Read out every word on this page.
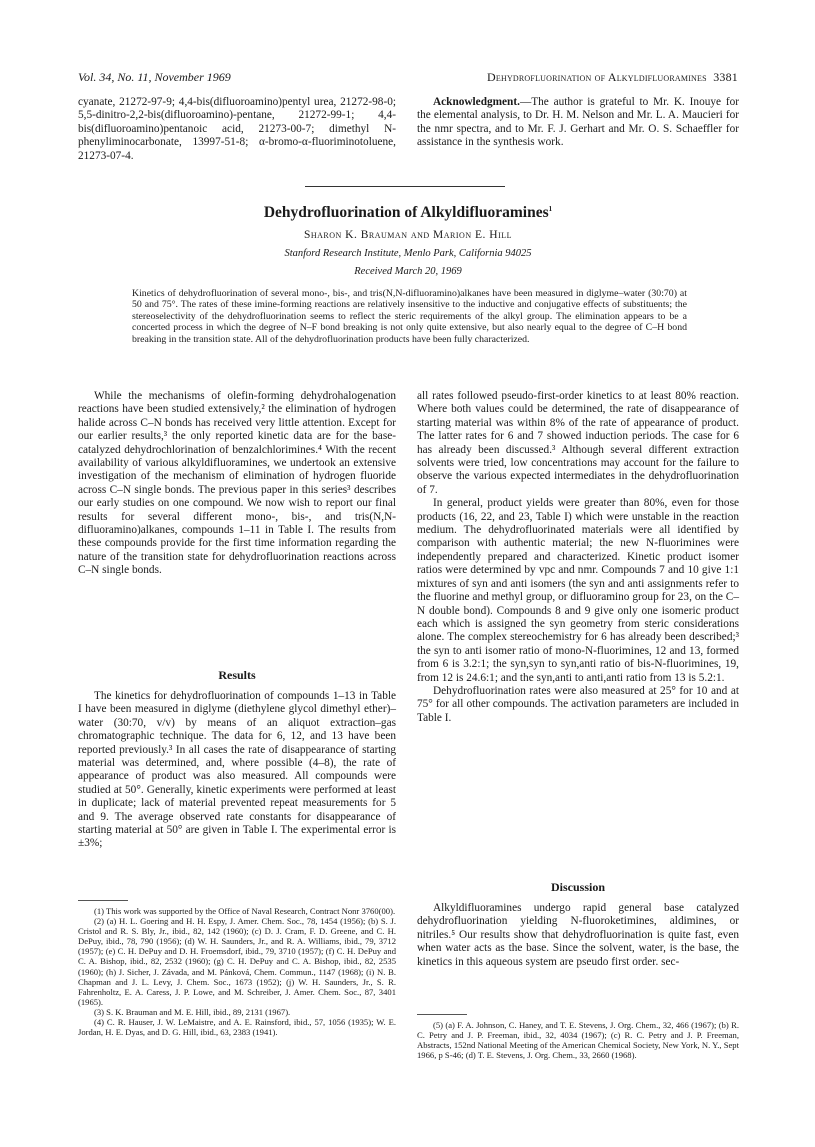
Vol. 34, No. 11, November 1969	Dehydrofluorination of Alkyldifluoramines 3381

cyanate, 21272-97-9; 4,4-bis(difluoroamino)pentyl urea, 21272-98-0; 5,5-dinitro-2,2-bis(difluoroamino)-pentane, 21272-99-1; 4,4-bis(difluoroamino)pentanoic acid, 21273-00-7; dimethyl N-phenyliminocarbonate, 13997-51-8; α-bromo-α-fluoriminotoluene, 21273-07-4.

Acknowledgment.—The author is grateful to Mr. K. Inouye for the elemental analysis, to Dr. H. M. Nelson and Mr. L. A. Maucieri for the nmr spectra, and to Mr. F. J. Gerhart and Mr. O. S. Schaeffler for assistance in the synthesis work.

Dehydrofluorination of Alkyldifluoramines$^1$
Sharon K. Brauman and Marion E. Hill
Stanford Research Institute, Menlo Park, California 94025
Received March 20, 1969
Kinetics of dehydrofluorination of several mono-, bis-, and tris(N,N-difluoramino)alkanes have been measured in diglyme–water (30:70) at 50 and 75°. The rates of these imine-forming reactions are relatively insensitive to the inductive and conjugative effects of substituents; the stereoselectivity of the dehydrofluorination seems to reflect the steric requirements of the alkyl group. The elimination appears to be a concerted process in which the degree of N–F bond breaking is not only quite extensive, but also nearly equal to the degree of C–H bond breaking in the transition state. All of the dehydrofluorination products have been fully characterized.

While the mechanisms of olefin-forming dehydrohalogenation reactions have been studied extensively,² the elimination of hydrogen halide across C–N bonds has received very little attention. Except for our earlier results,³ the only reported kinetic data are for the base-catalyzed dehydrochlorination of benzalchlorimines.⁴ With the recent availability of various alkyldifluoramines, we undertook an extensive investigation of the mechanism of elimination of hydrogen fluoride across C–N single bonds. The previous paper in this series³ describes our early studies on one compound. We now wish to report our final results for several different mono-, bis-, and tris(N,N-difluoramino)alkanes, compounds 1–11 in Table I. The results from these compounds provide for the first time information regarding the nature of the transition state for dehydrofluorination reactions across C–N single bonds.

Results

The kinetics for dehydrofluorination of compounds 1–13 in Table I have been measured in diglyme (diethylene glycol dimethyl ether)–water (30:70, v/v) by means of an aliquot extraction–gas chromatographic technique. The data for 6, 12, and 13 have been reported previously.³ In all cases the rate of disappearance of starting material was determined, and, where possible (4–8), the rate of appearance of product was also measured. All compounds were studied at 50°. Generally, kinetic experiments were performed at least in duplicate; lack of material prevented repeat measurements for 5 and 9. The average observed rate constants for disappearance of starting material at 50° are given in Table I. The experimental error is ±3%;

all rates followed pseudo-first-order kinetics to at least 80% reaction. Where both values could be determined, the rate of disappearance of starting material was within 8% of the rate of appearance of product. The latter rates for 6 and 7 showed induction periods. The case for 6 has already been discussed.³ Although several different extraction solvents were tried, low concentrations may account for the failure to observe the various expected intermediates in the dehydrofluorination of 7.

In general, product yields were greater than 80%, even for those products (16, 22, and 23, Table I) which were unstable in the reaction medium. The dehydrofluorinated materials were all identified by comparison with authentic material; the new N-fluorimines were independently prepared and characterized. Kinetic product isomer ratios were determined by vpc and nmr. Compounds 7 and 10 give 1:1 mixtures of syn and anti isomers (the syn and anti assignments refer to the fluorine and methyl group, or difluoramino group for 23, on the C–N double bond). Compounds 8 and 9 give only one isomeric product each which is assigned the syn geometry from steric considerations alone. The complex stereochemistry for 6 has already been described;³ the syn to anti isomer ratio of mono-N-fluorimines, 12 and 13, formed from 6 is 3.2:1; the syn,syn to syn,anti ratio of bis-N-fluorimines, 19, from 12 is 24.6:1; and the syn,anti to anti,anti ratio from 13 is 5.2:1.

Dehydrofluorination rates were also measured at 25° for 10 and at 75° for all other compounds. The activation parameters are included in Table I.

Discussion

Alkyldifluoramines undergo rapid general base catalyzed dehydrofluorination yielding N-fluoroketimines, aldimines, or nitriles.⁵ Our results show that dehydrofluorination is quite fast, even when water acts as the base. Since the solvent, water, is the base, the kinetics in this aqueous system are pseudo first order. sec-

(1) This work was supported by the Office of Naval Research, Contract Nonr 3760(00).
(2) (a) H. L. Goering and H. H. Espy, J. Amer. Chem. Soc., 78, 1454 (1956); (b) S. J. Cristol and R. S. Bly, Jr., ibid., 82, 142 (1960); (c) D. J. Cram, F. D. Greene, and C. H. DePuy, ibid., 78, 790 (1956); (d) W. H. Saunders, Jr., and R. A. Williams, ibid., 79, 3712 (1957); (e) C. H. DePuy and D. H. Froemsdorf, ibid., 79, 3710 (1957); (f) C. H. DePuy and C. A. Bishop, ibid., 82, 2532 (1960); (g) C. H. DePuy and C. A. Bishop, ibid., 82, 2535 (1960); (h) J. Sicher, J. Závada, and M. Pánková, Chem. Commun., 1147 (1968); (i) N. B. Chapman and J. L. Levy, J. Chem. Soc., 1673 (1952); (j) W. H. Saunders, Jr., S. R. Fahrenholtz, E. A. Caress, J. P. Lowe, and M. Schreiber, J. Amer. Chem. Soc., 87, 3401 (1965).
(3) S. K. Brauman and M. E. Hill, ibid., 89, 2131 (1967).
(4) C. R. Hauser, J. W. LeMaistre, and A. E. Rainsford, ibid., 57, 1056 (1935); W. E. Jordan, H. E. Dyas, and D. G. Hill, ibid., 63, 2383 (1941).
(5) (a) F. A. Johnson, C. Haney, and T. E. Stevens, J. Org. Chem., 32, 466 (1967); (b) R. C. Petry and J. P. Freeman, ibid., 32, 4034 (1967); (c) R. C. Petry and J. P. Freeman, Abstracts, 152nd National Meeting of the American Chemical Society, New York, N. Y., Sept 1966, p S-46; (d) T. E. Stevens, J. Org. Chem., 33, 2660 (1968).
